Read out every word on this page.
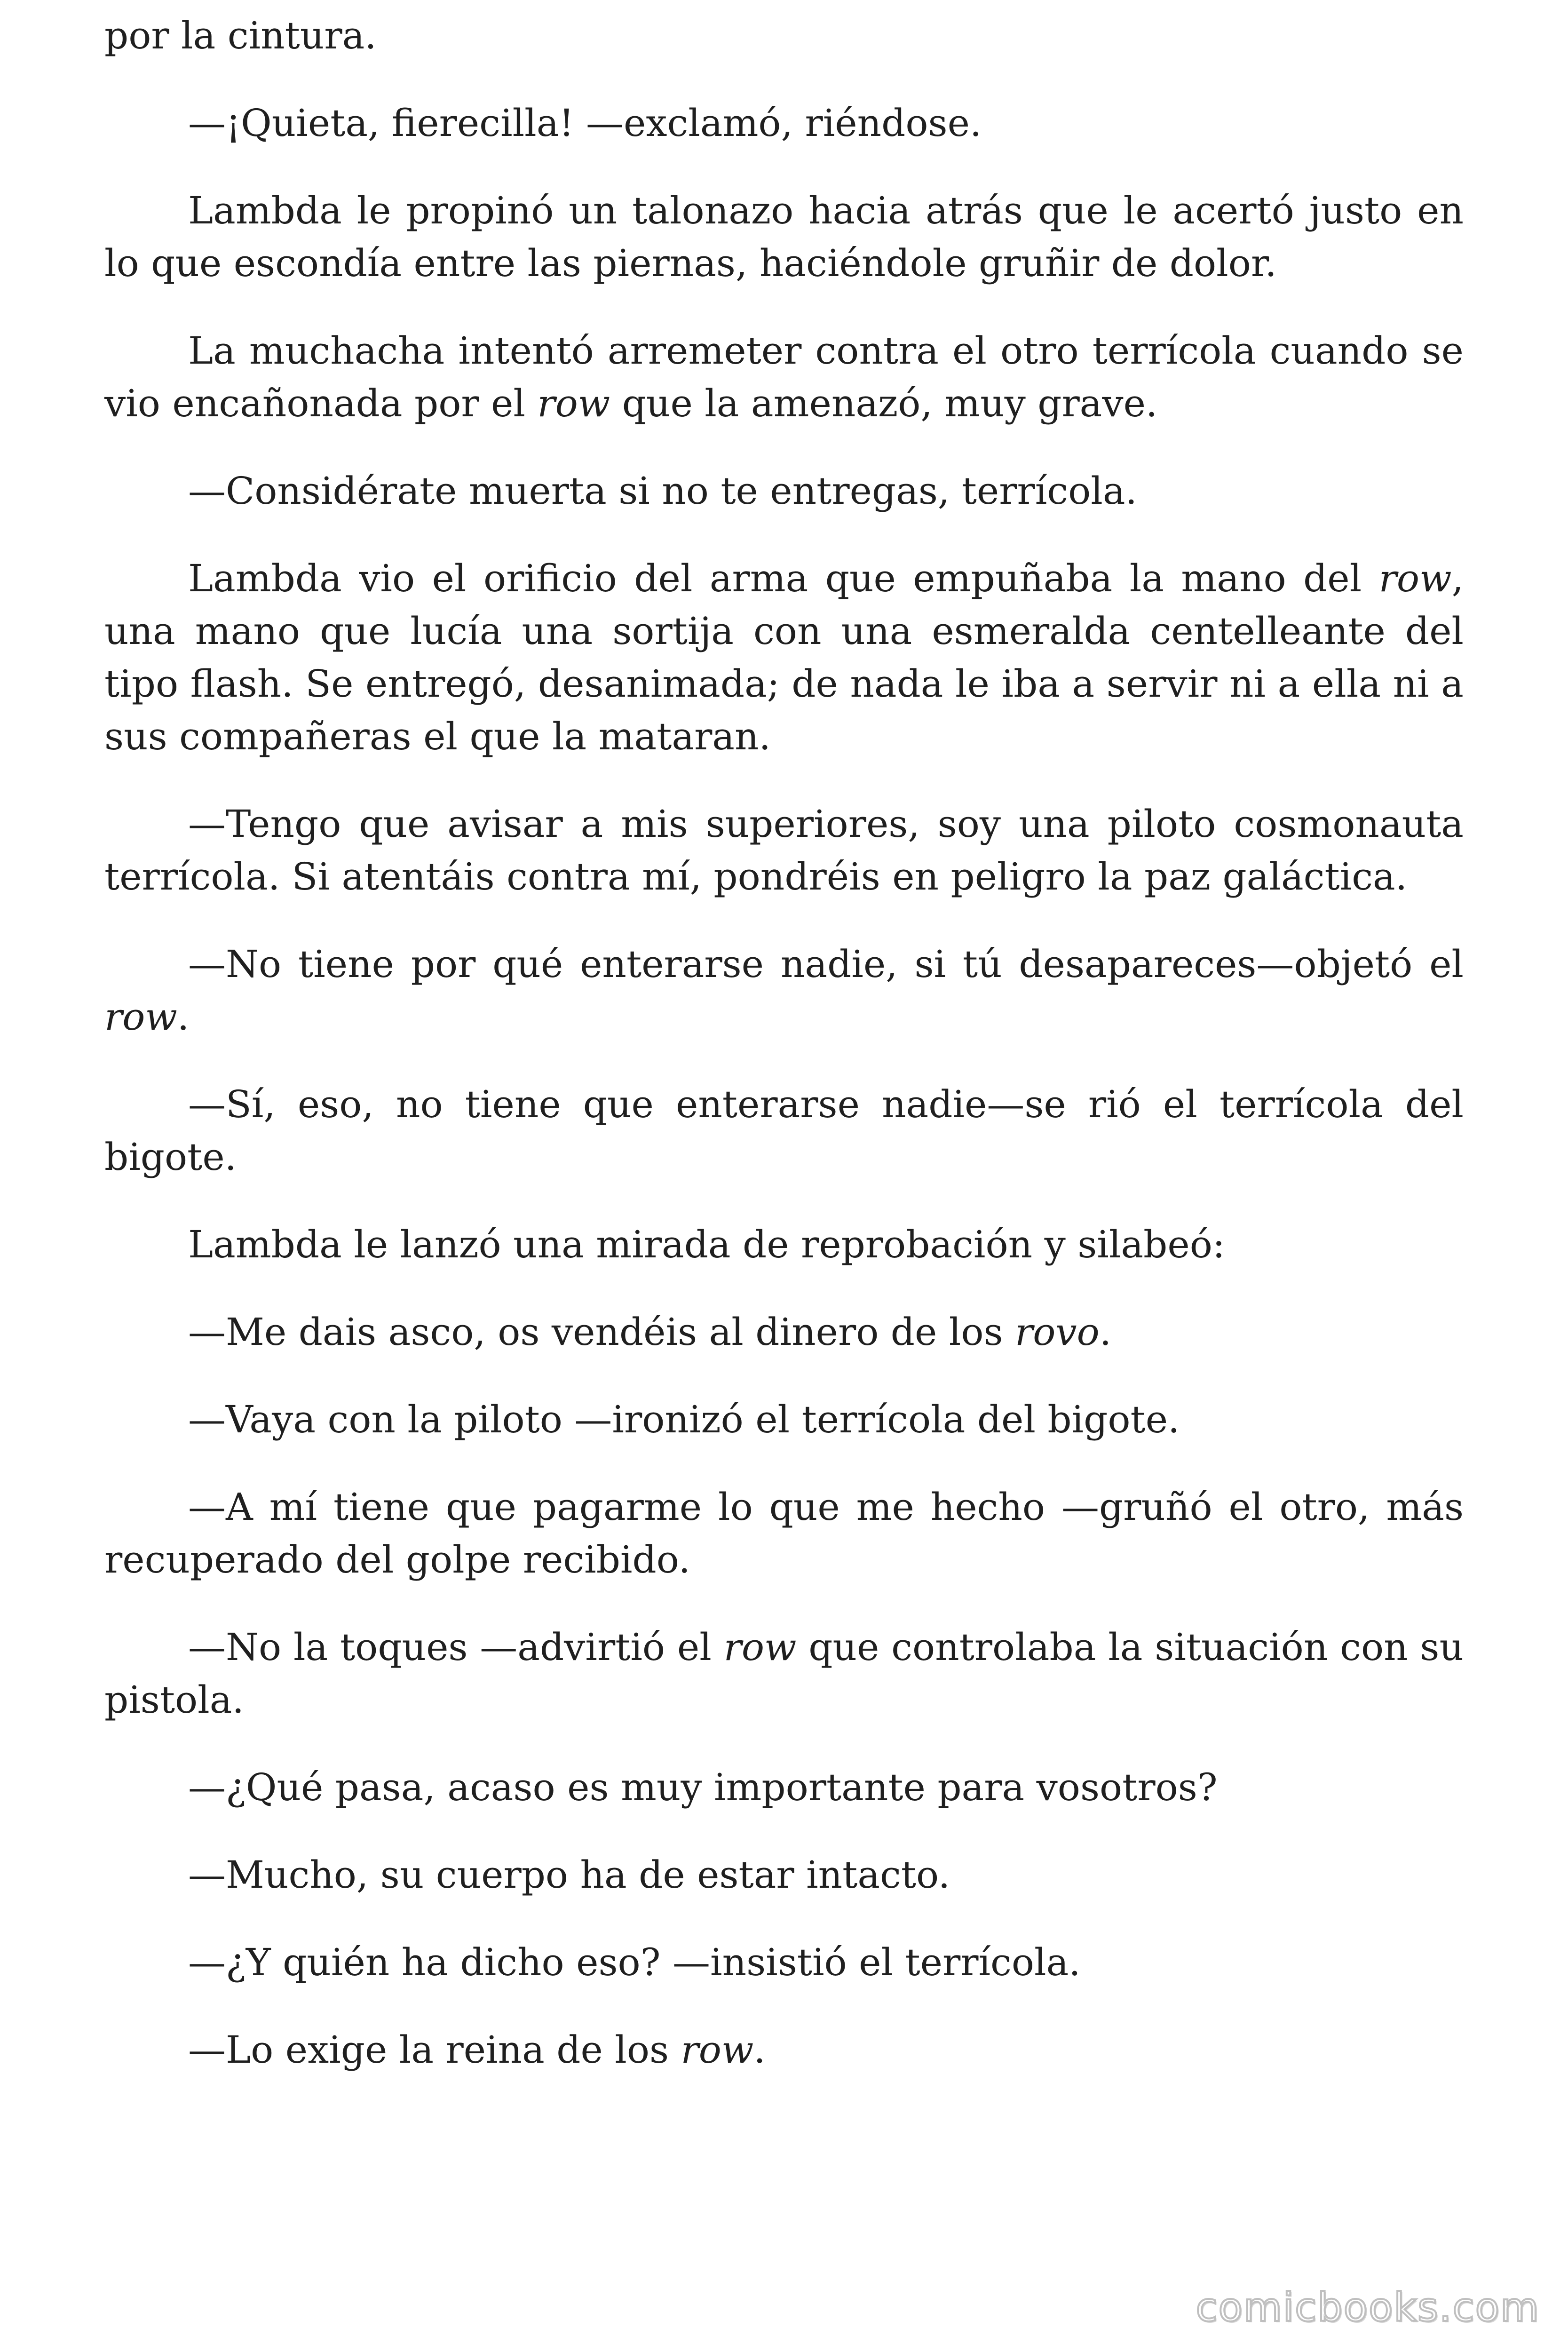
por la cintura.

—¡Quieta, fierecilla! —exclamó, riéndose.

Lambda le propinó un talonazo hacia atrás que le acertó justo en lo que escondía entre las piernas, haciéndole gruñir de dolor.

La muchacha intentó arremeter contra el otro terrícola cuando se vio encañonada por el row que la amenazó, muy grave.

—Considérate muerta si no te entregas, terrícola.

Lambda vio el orificio del arma que empuñaba la mano del row, una mano que lucía una sortija con una esmeralda centelleante del tipo flash. Se entregó, desanimada; de nada le iba a servir ni a ella ni a sus compañeras el que la mataran.

—Tengo que avisar a mis superiores, soy una piloto cosmonauta terrícola. Si atentáis contra mí, pondréis en peligro la paz galáctica.

—No tiene por qué enterarse nadie, si tú desapareces—objetó el row.

—Sí, eso, no tiene que enterarse nadie—se rió el terrícola del bigote.

Lambda le lanzó una mirada de reprobación y silabeó:

—Me dais asco, os vendéis al dinero de los rovo.

—Vaya con la piloto —ironizó el terrícola del bigote.

—A mí tiene que pagarme lo que me hecho —gruñó el otro, más recuperado del golpe recibido.

—No la toques —advirtió el row que controlaba la situación con su pistola.

—¿Qué pasa, acaso es muy importante para vosotros?

—Mucho, su cuerpo ha de estar intacto.

—¿Y quién ha dicho eso? —insistió el terrícola.

—Lo exige la reina de los row.

comicbooks.com
